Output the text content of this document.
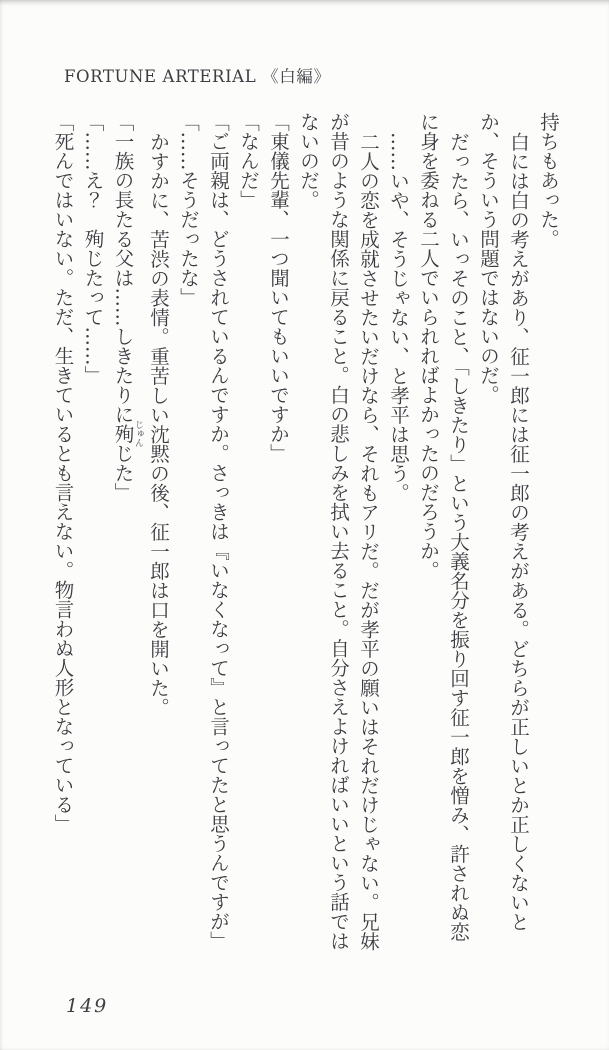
FORTUNE ARTERIAL 《白編》

持ちもあった。

白には白の考えがあり、征一郎には征一郎の考えがある。どちらが正しいとか正しくないとか、そういう問題ではないのだ。

だったら、いっそのこと、「しきたり」という大義名分を振り回す征一郎を憎み、許されぬ恋に身を委ねる二人でいられればよかったのだろうか。

……いや、そうじゃない、と孝平は思う。

二人の恋を成就させたいだけなら、それもアリだ。だが孝平の願いはそれだけじゃない。兄妹が昔のような関係に戻ること。白の悲しみを拭い去ること。自分さえよければいいという話ではないのだ。

「東儀先輩、一つ聞いてもいいですか」

「なんだ」

「ご両親は、どうされているんですか。さっきは『いなくなって』と言ってたと思うんですが」

「……そうだったな」

かすかに、苦渋の表情。重苦しい沈黙の後、征一郎は口を開いた。

「一族の長たる父は……しきたりに殉じゅんじた」

「……え？　殉じたって……」

「死んではいない。ただ、生きているとも言えない。物言わぬ人形となっている」

149
